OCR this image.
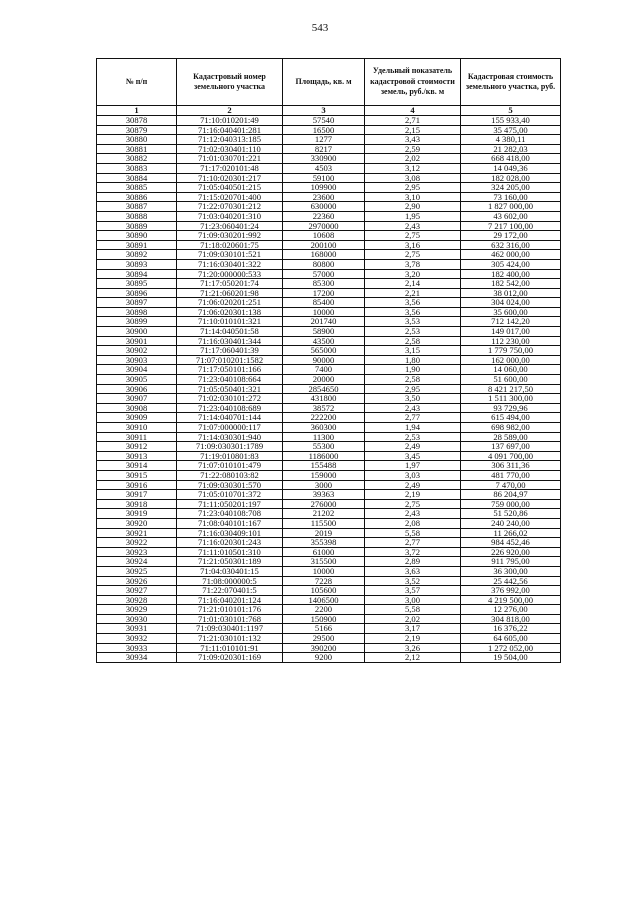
543
№ п/п	Кадастровый номер земельного участка	Площадь, кв. м	Удельный показатель кадастровой стоимости земель, руб./кв. м	Кадастровая стоимость земельного участка, руб.
1	2	3	4	5
30878	71:10:010201:49	57540	2,71	155 933,40
30879	71:16:040401:281	16500	2,15	35 475,00
30880	71:12:040313:185	1277	3,43	4 380,11
30881	71:02:030401:110	8217	2,59	21 282,03
30882	71:01:030701:221	330900	2,02	668 418,00
30883	71:17:020101:48	4503	3,12	14 049,36
30884	71:10:020301:217	59100	3,08	182 028,00
30885	71:05:040501:215	109900	2,95	324 205,00
30886	71:15:020701:400	23600	3,10	73 160,00
30887	71:22:070301:212	630000	2,90	1 827 000,00
30888	71:03:040201:310	22360	1,95	43 602,00
30889	71:23:060401:24	2970000	2,43	7 217 100,00
30890	71:09:030201:992	10608	2,75	29 172,00
30891	71:18:020601:75	200100	3,16	632 316,00
30892	71:09:030101:521	168000	2,75	462 000,00
30893	71:16:030401:322	80800	3,78	305 424,00
30894	71:20:000000:533	57000	3,20	182 400,00
30895	71:17:050201:74	85300	2,14	182 542,00
30896	71:21:060201:98	17200	2,21	38 012,00
30897	71:06:020201:251	85400	3,56	304 024,00
30898	71:06:020301:138	10000	3,56	35 600,00
30899	71:10:010101:321	201740	3,53	712 142,20
30900	71:14:040501:58	58900	2,53	149 017,00
30901	71:16:030401:344	43500	2,58	112 230,00
30902	71:17:060401:39	565000	3,15	1 779 750,00
30903	71:07:010201:1582	90000	1,80	162 000,00
30904	71:17:050101:166	7400	1,90	14 060,00
30905	71:23:040108:664	20000	2,58	51 600,00
30906	71:05:050401:321	2854650	2,95	8 421 217,50
30907	71:02:030101:272	431800	3,50	1 511 300,00
30908	71:23:040108:689	38572	2,43	93 729,96
30909	71:14:040701:144	222200	2,77	615 494,00
30910	71:07:000000:117	360300	1,94	698 982,00
30911	71:14:030301:940	11300	2,53	28 589,00
30912	71:09:030301:1789	55300	2,49	137 697,00
30913	71:19:010801:83	1186000	3,45	4 091 700,00
30914	71:07:010101:479	155488	1,97	306 311,36
30915	71:22:080103:82	159000	3,03	481 770,00
30916	71:09:030301:570	3000	2,49	7 470,00
30917	71:05:010701:372	39363	2,19	86 204,97
30918	71:11:050201:197	276000	2,75	759 000,00
30919	71:23:040108:708	21202	2,43	51 520,86
30920	71:08:040101:167	115500	2,08	240 240,00
30921	71:16:030409:101	2019	5,58	11 266,02
30922	71:16:020301:243	355398	2,77	984 452,46
30923	71:11:010501:310	61000	3,72	226 920,00
30924	71:21:050301:189	315500	2,89	911 795,00
30925	71:04:030401:15	10000	3,63	36 300,00
30926	71:08:000000:5	7228	3,52	25 442,56
30927	71:22:070401:5	105600	3,57	376 992,00
30928	71:16:040201:124	1406500	3,00	4 219 500,00
30929	71:21:010101:176	2200	5,58	12 276,00
30930	71:01:030101:768	150900	2,02	304 818,00
30931	71:09:030401:1197	5166	3,17	16 376,22
30932	71:21:030101:132	29500	2,19	64 605,00
30933	71:11:010101:91	390200	3,26	1 272 052,00
30934	71:09:020301:169	9200	2,12	19 504,00
